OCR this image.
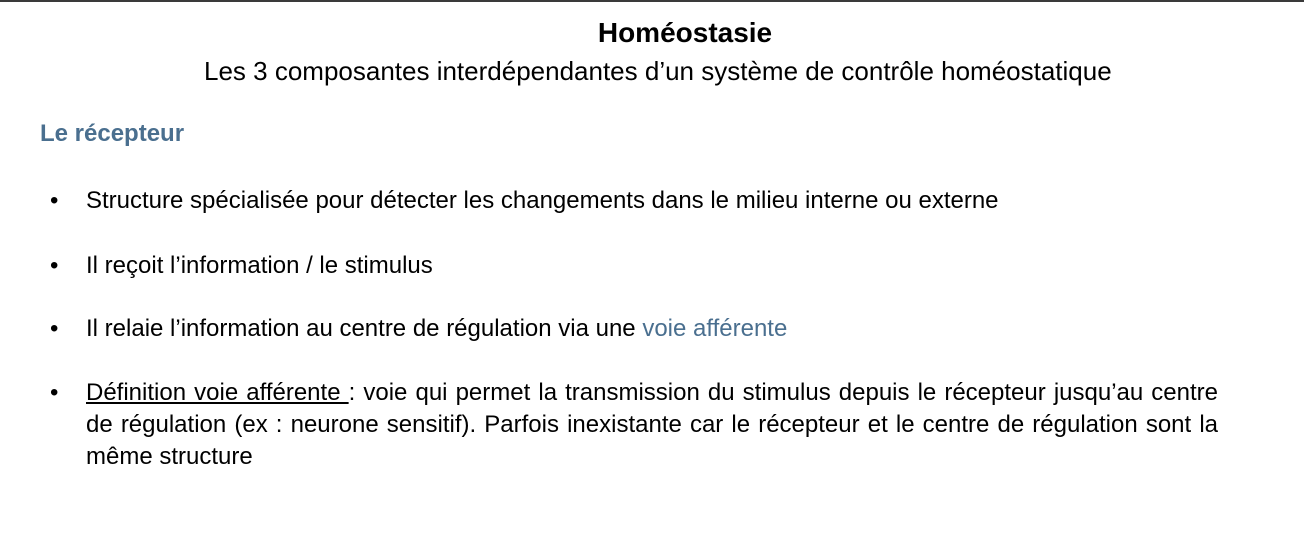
Homéostasie
Les 3 composantes interdépendantes d’un système de contrôle homéostatique
Le récepteur
•	Structure spécialisée pour détecter les changements dans le milieu interne ou externe
•	Il reçoit l’information / le stimulus
•	Il relaie l’information au centre de régulation via une voie afférente
•	Définition voie afférente : voie qui permet la transmission du stimulus depuis le récepteur jusqu’au centre de régulation (ex : neurone sensitif). Parfois inexistante car le récepteur et le centre de régulation sont la même structure
